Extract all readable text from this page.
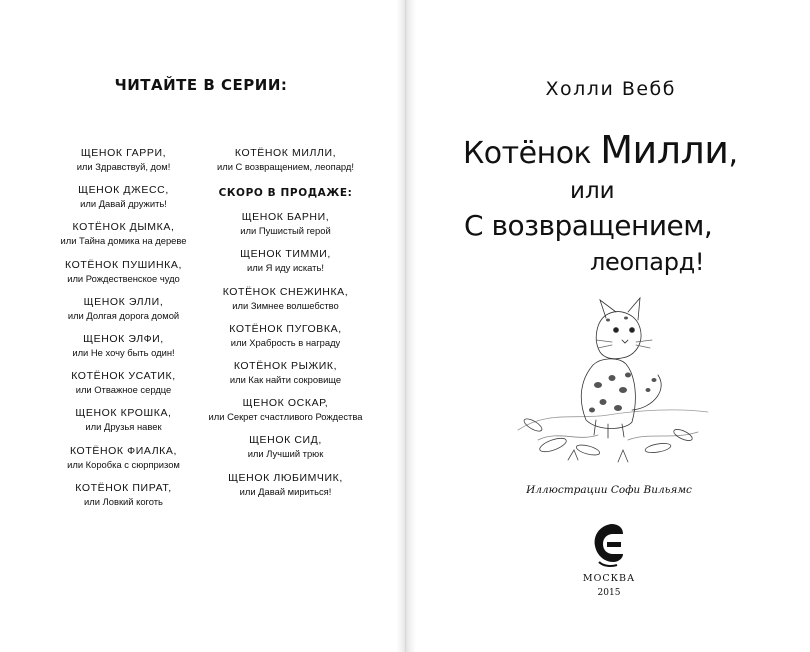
ЧИТАЙТЕ В СЕРИИ:
ЩЕНОК ГАРРИ,
или Здравствуй, дом!
ЩЕНОК ДЖЕСС,
или Давай дружить!
КОТЁНОК ДЫМКА,
или Тайна домика на дереве
КОТЁНОК ПУШИНКА,
или Рождественское чудо
ЩЕНОК ЭЛЛИ,
или Долгая дорога домой
ЩЕНОК ЭЛФИ,
или Не хочу быть один!
КОТЁНОК УСАТИК,
или Отважное сердце
ЩЕНОК КРОШКА,
или Друзья навек
КОТЁНОК ФИАЛКА,
или Коробка с сюрпризом
КОТЁНОК ПИРАТ,
или Ловкий коготь
КОТЁНОК МИЛЛИ,
или С возвращением, леопард!
СКОРО В ПРОДАЖЕ:
ЩЕНОК БАРНИ,
или Пушистый герой
ЩЕНОК ТИММИ,
или Я иду искать!
КОТЁНОК СНЕЖИНКА,
или Зимнее волшебство
КОТЁНОК ПУГОВКА,
или Храбрость в награду
КОТЁНОК РЫЖИК,
или Как найти сокровище
ЩЕНОК ОСКАР,
или Секрет счастливого Рождества
ЩЕНОК СИД,
или Лучший трюк
ЩЕНОК ЛЮБИМЧИК,
или Давай мириться!
Холли Вебб
Котёнок Милли,
или
С возвращением,
леопард!
Иллюстрации Софи Вильямс
МОСКВА
2015
